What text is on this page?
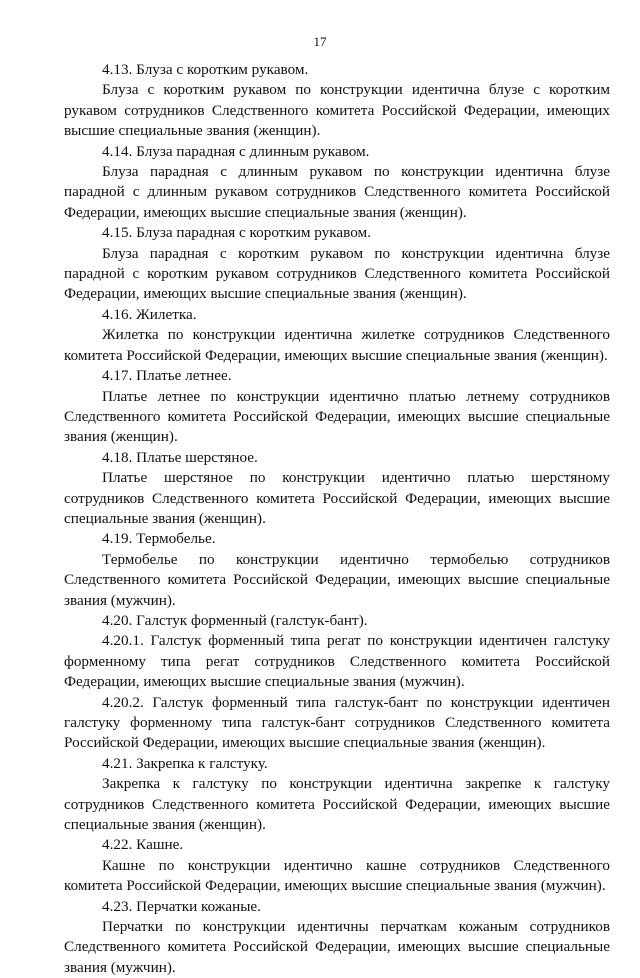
17

4.13. Блуза с коротким рукавом.

Блуза с коротким рукавом по конструкции идентична блузе с коротким рукавом сотрудников Следственного комитета Российской Федерации, имеющих высшие специальные звания (женщин).

4.14. Блуза парадная с длинным рукавом.

Блуза парадная с длинным рукавом по конструкции идентична блузе парадной с длинным рукавом сотрудников Следственного комитета Российской Федерации, имеющих высшие специальные звания (женщин).

4.15. Блуза парадная с коротким рукавом.

Блуза парадная с коротким рукавом по конструкции идентична блузе парадной с коротким рукавом сотрудников Следственного комитета Российской Федерации, имеющих высшие специальные звания (женщин).

4.16. Жилетка.

Жилетка по конструкции идентична жилетке сотрудников Следственного комитета Российской Федерации, имеющих высшие специальные звания (женщин).

4.17. Платье летнее.

Платье летнее по конструкции идентично платью летнему сотрудников Следственного комитета Российской Федерации, имеющих высшие специальные звания (женщин).

4.18. Платье шерстяное.

Платье шерстяное по конструкции идентично платью шерстяному сотрудников Следственного комитета Российской Федерации, имеющих высшие специальные звания (женщин).

4.19. Термобелье.

Термобелье по конструкции идентично термобелью сотрудников Следственного комитета Российской Федерации, имеющих высшие специальные звания (мужчин).

4.20. Галстук форменный (галстук-бант).

4.20.1. Галстук форменный типа регат по конструкции идентичен галстуку форменному типа регат сотрудников Следственного комитета Российской Федерации, имеющих высшие специальные звания (мужчин).

4.20.2. Галстук форменный типа галстук-бант по конструкции идентичен галстуку форменному типа галстук-бант сотрудников Следственного комитета Российской Федерации, имеющих высшие специальные звания (женщин).

4.21. Закрепка к галстуку.

Закрепка к галстуку по конструкции идентична закрепке к галстуку сотрудников Следственного комитета Российской Федерации, имеющих высшие специальные звания (женщин).

4.22. Кашне.

Кашне по конструкции идентично кашне сотрудников Следственного комитета Российской Федерации, имеющих высшие специальные звания (мужчин).

4.23. Перчатки кожаные.

Перчатки по конструкции идентичны перчаткам кожаным сотрудников Следственного комитета Российской Федерации, имеющих высшие специальные звания (мужчин).
